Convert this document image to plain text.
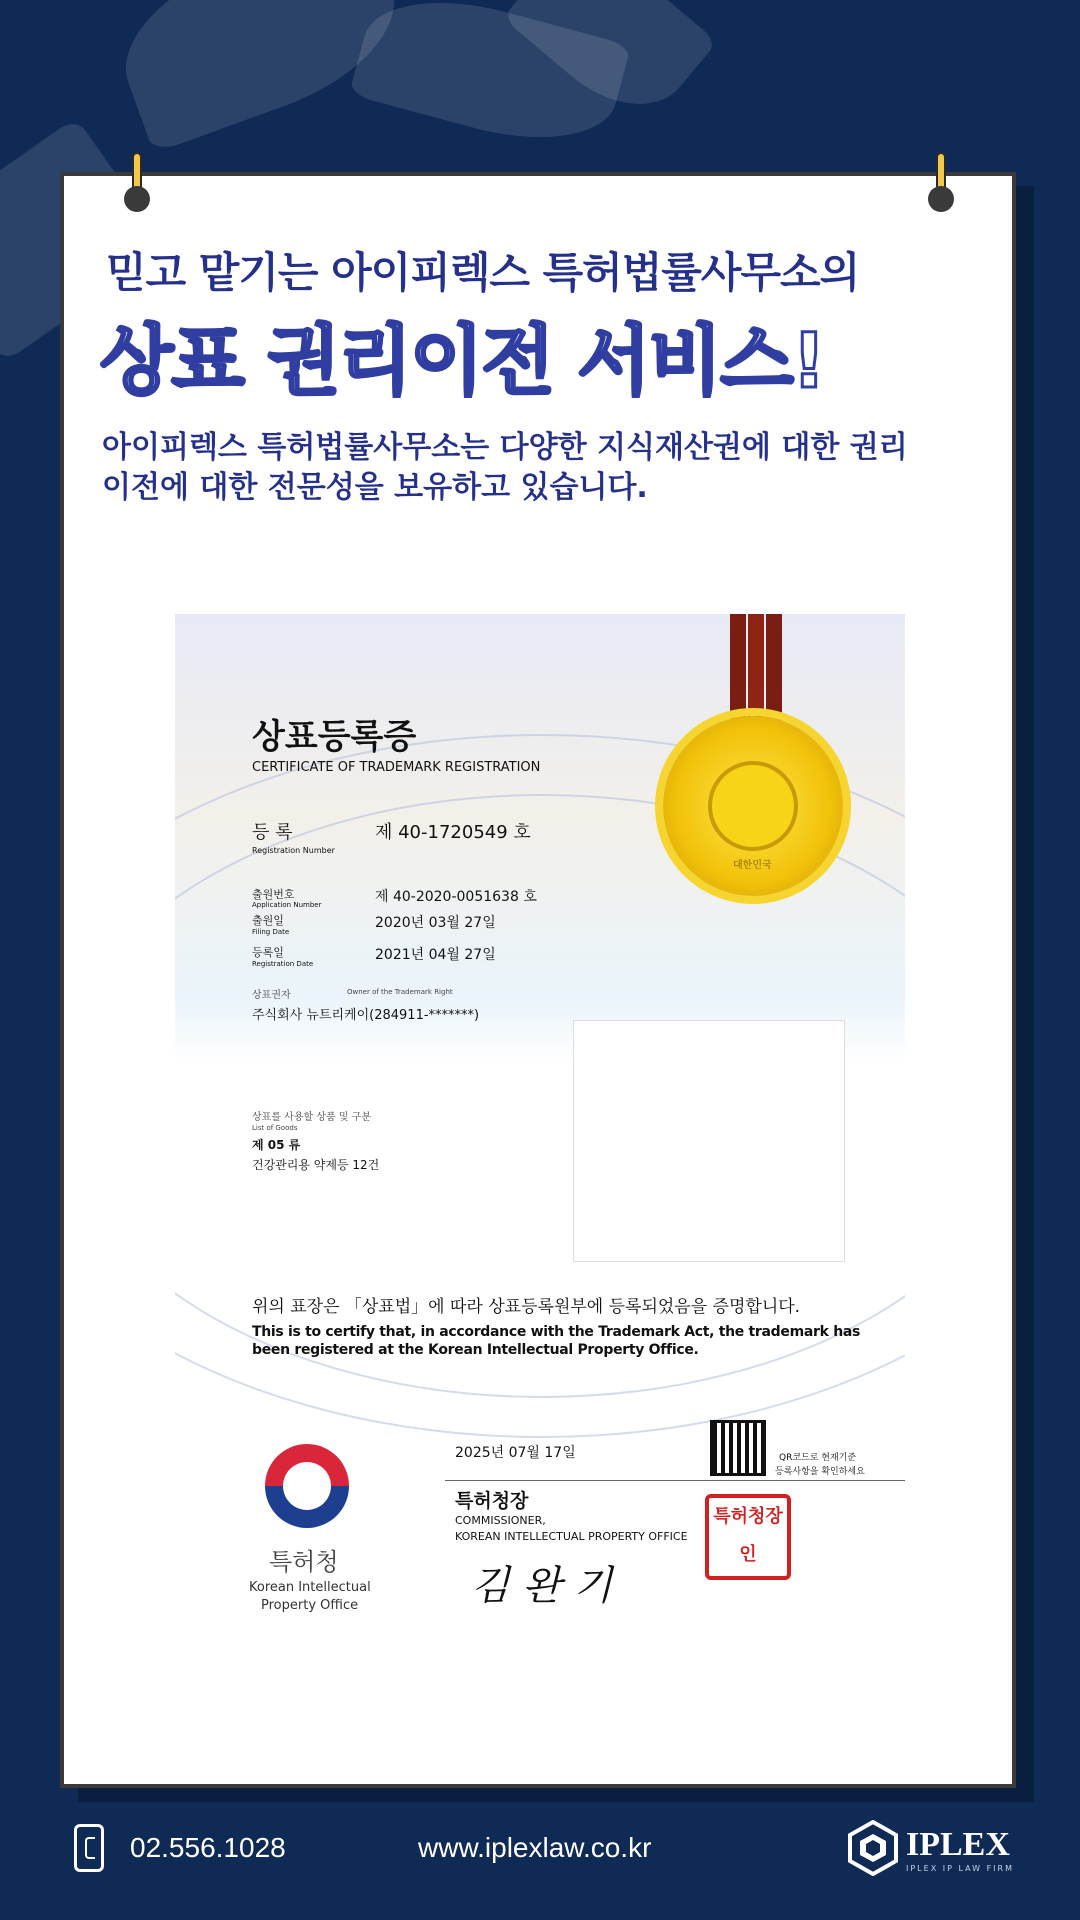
믿고 맡기는 아이피렉스 특허법률사무소의
상표 권리이전 서비스!
아이피렉스 특허법률사무소는 다양한 지식재산권에 대한 권리 이전에 대한 전문성을 보유하고 있습니다.
대한민국
상표등록증
CERTIFICATE OF TRADEMARK REGISTRATION
등 록
Registration Number
제 40-1720549 호
출원번호
Application Number	제 40-2020-0051638 호
출원일
Filing Date
2020년 03월 27일
등록일
Registration Date
2021년 04월 27일
상표권자	Owner of the Trademark Right
주식회사 뉴트리케이(284911-*******)
상표를 사용할 상품 및 구분
List of Goods
제 05 류
건강관리용 약제등 12건
위의 표장은 「상표법」에 따라 상표등록원부에 등록되었음을 증명합니다.
This is to certify that, in accordance with the Trademark Act, the trademark has
been registered at the Korean Intellectual Property Office.
특허청
Korean Intellectual
Property Office
2025년 07월 17일	QR코드로 현재기준
등록사항을 확인하세요
특허청장
COMMISSIONER,
KOREAN INTELLECTUAL PROPERTY OFFICE
김 완 기
특허청장인
02.556.1028	www.iplexlaw.co.kr	IPLEX
IPLEX IP LAW FIRM
